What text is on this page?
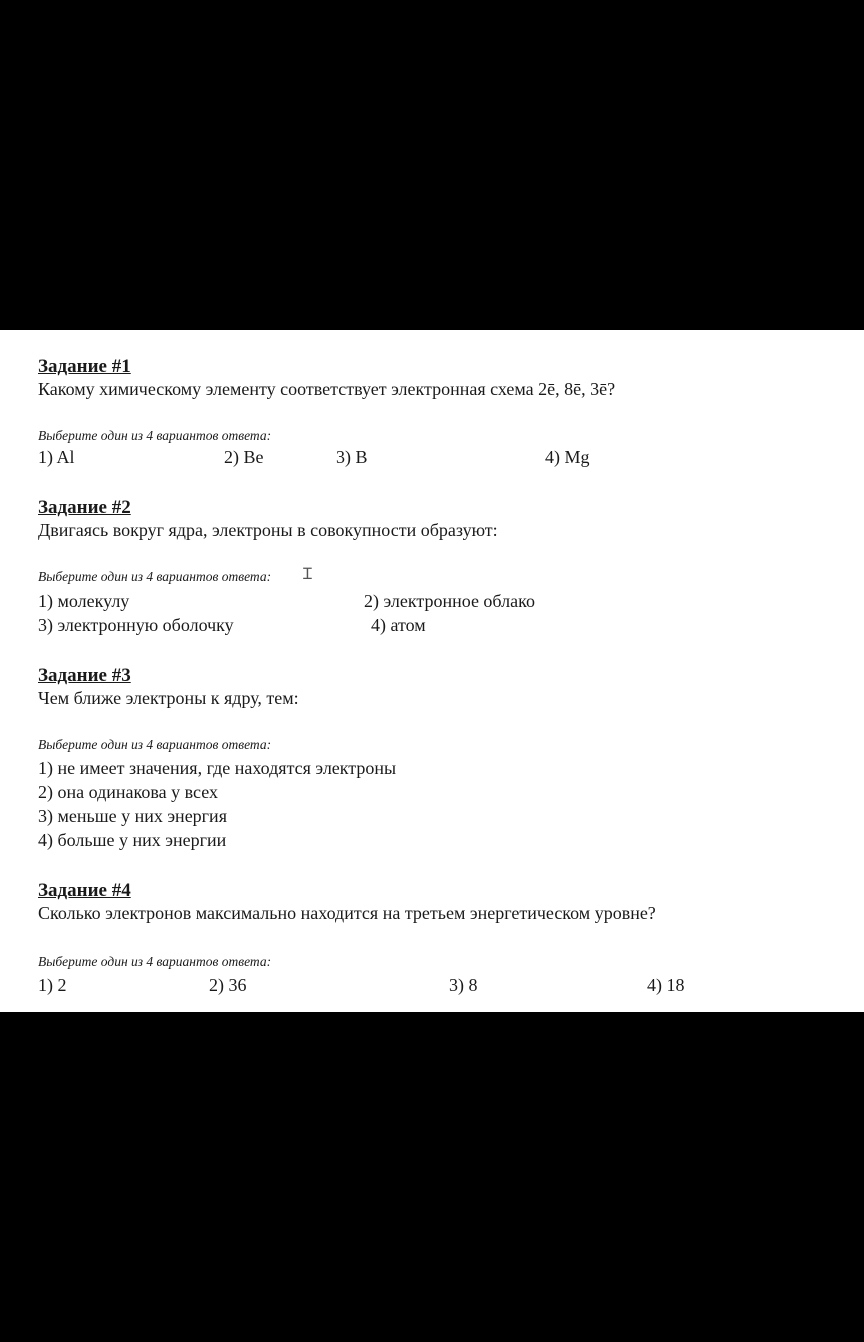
Задание #1

Какому химическому элементу соответствует электронная схема 2ē, 8ē, 3ē?

Выберите один из 4 вариантов ответа:
1) Al	2) Be	3) B	4) Mg

Задание #2

Двигаясь вокруг ядра, электроны в совокупности образуют:

Выберите один из 4 вариантов ответа: Ɪ
1) молекулу	2) электронное облако
3) электронную оболочку	4) атом

Задание #3

Чем ближе электроны к ядру, тем:

Выберите один из 4 вариантов ответа:
1) не имеет значения, где находятся электроны
2) она одинакова у всех
3) меньше у них энергия
4) больше у них энергии

Задание #4

Сколько электронов максимально находится на третьем энергетическом уровне?

Выберите один из 4 вариантов ответа:
1) 2	2) 36	3) 8	4) 18
